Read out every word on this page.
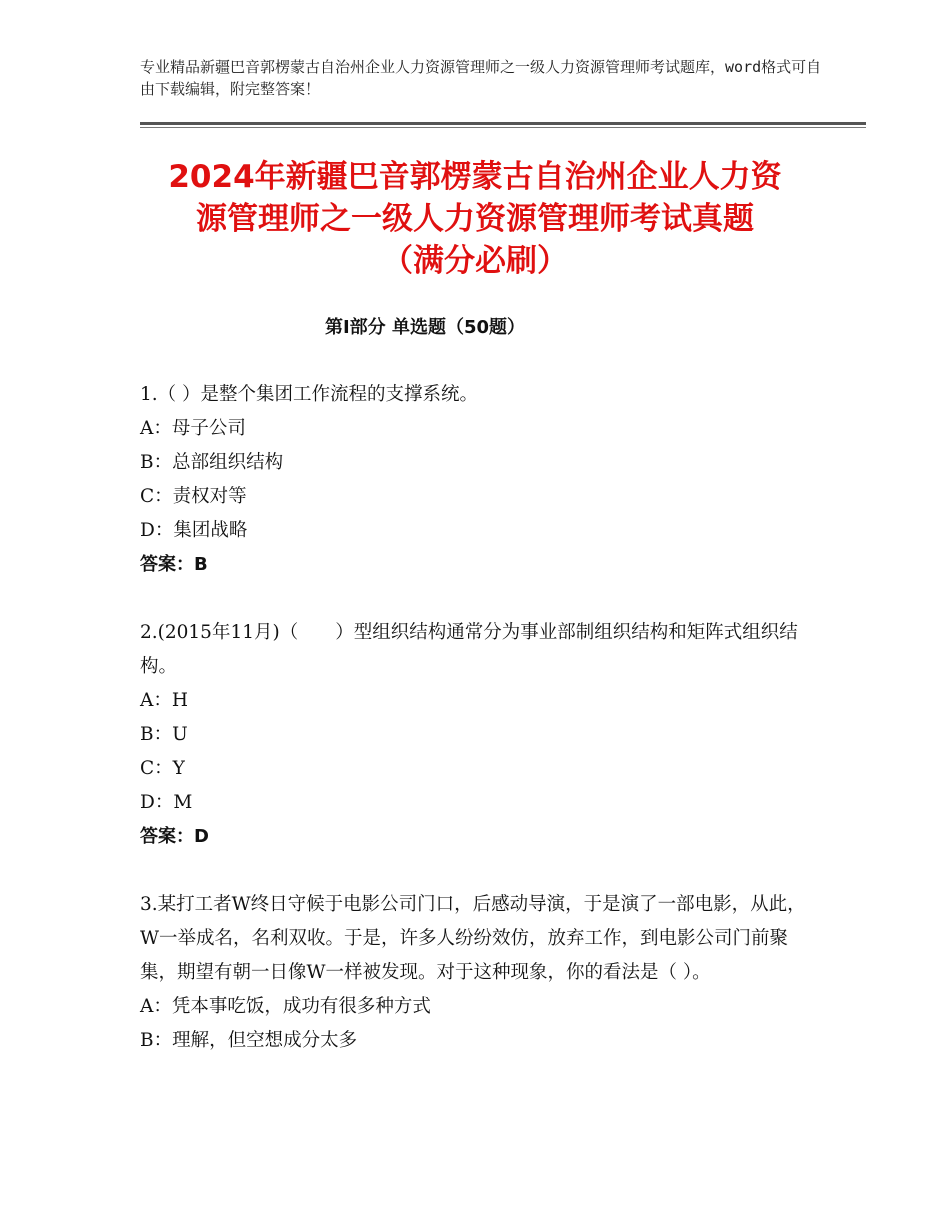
专业精品新疆巴音郭楞蒙古自治州企业人力资源管理师之一级人力资源管理师考试题库，word格式可自由下载编辑，附完整答案！
2024年新疆巴音郭楞蒙古自治州企业人力资
源管理师之一级人力资源管理师考试真题
（满分必刷）
第Ⅰ部分 单选题（50题）
1.（ ）是整个集团工作流程的支撑系统。
A：母子公司
B：总部组织结构
C：责权对等
D：集团战略
答案：B
2.(2015年11月)（　　）型组织结构通常分为事业部制组织结构和矩阵式组织结构。
A：H
B：U
C：Y
D：M
答案：D
3.某打工者W终日守候于电影公司门口，后感动导演，于是演了一部电影，从此，W一举成名，名利双收。于是，许多人纷纷效仿，放弃工作，到电影公司门前聚集，期望有朝一日像W一样被发现。对于这种现象，你的看法是（ ）。
A：凭本事吃饭，成功有很多种方式
B：理解，但空想成分太多
